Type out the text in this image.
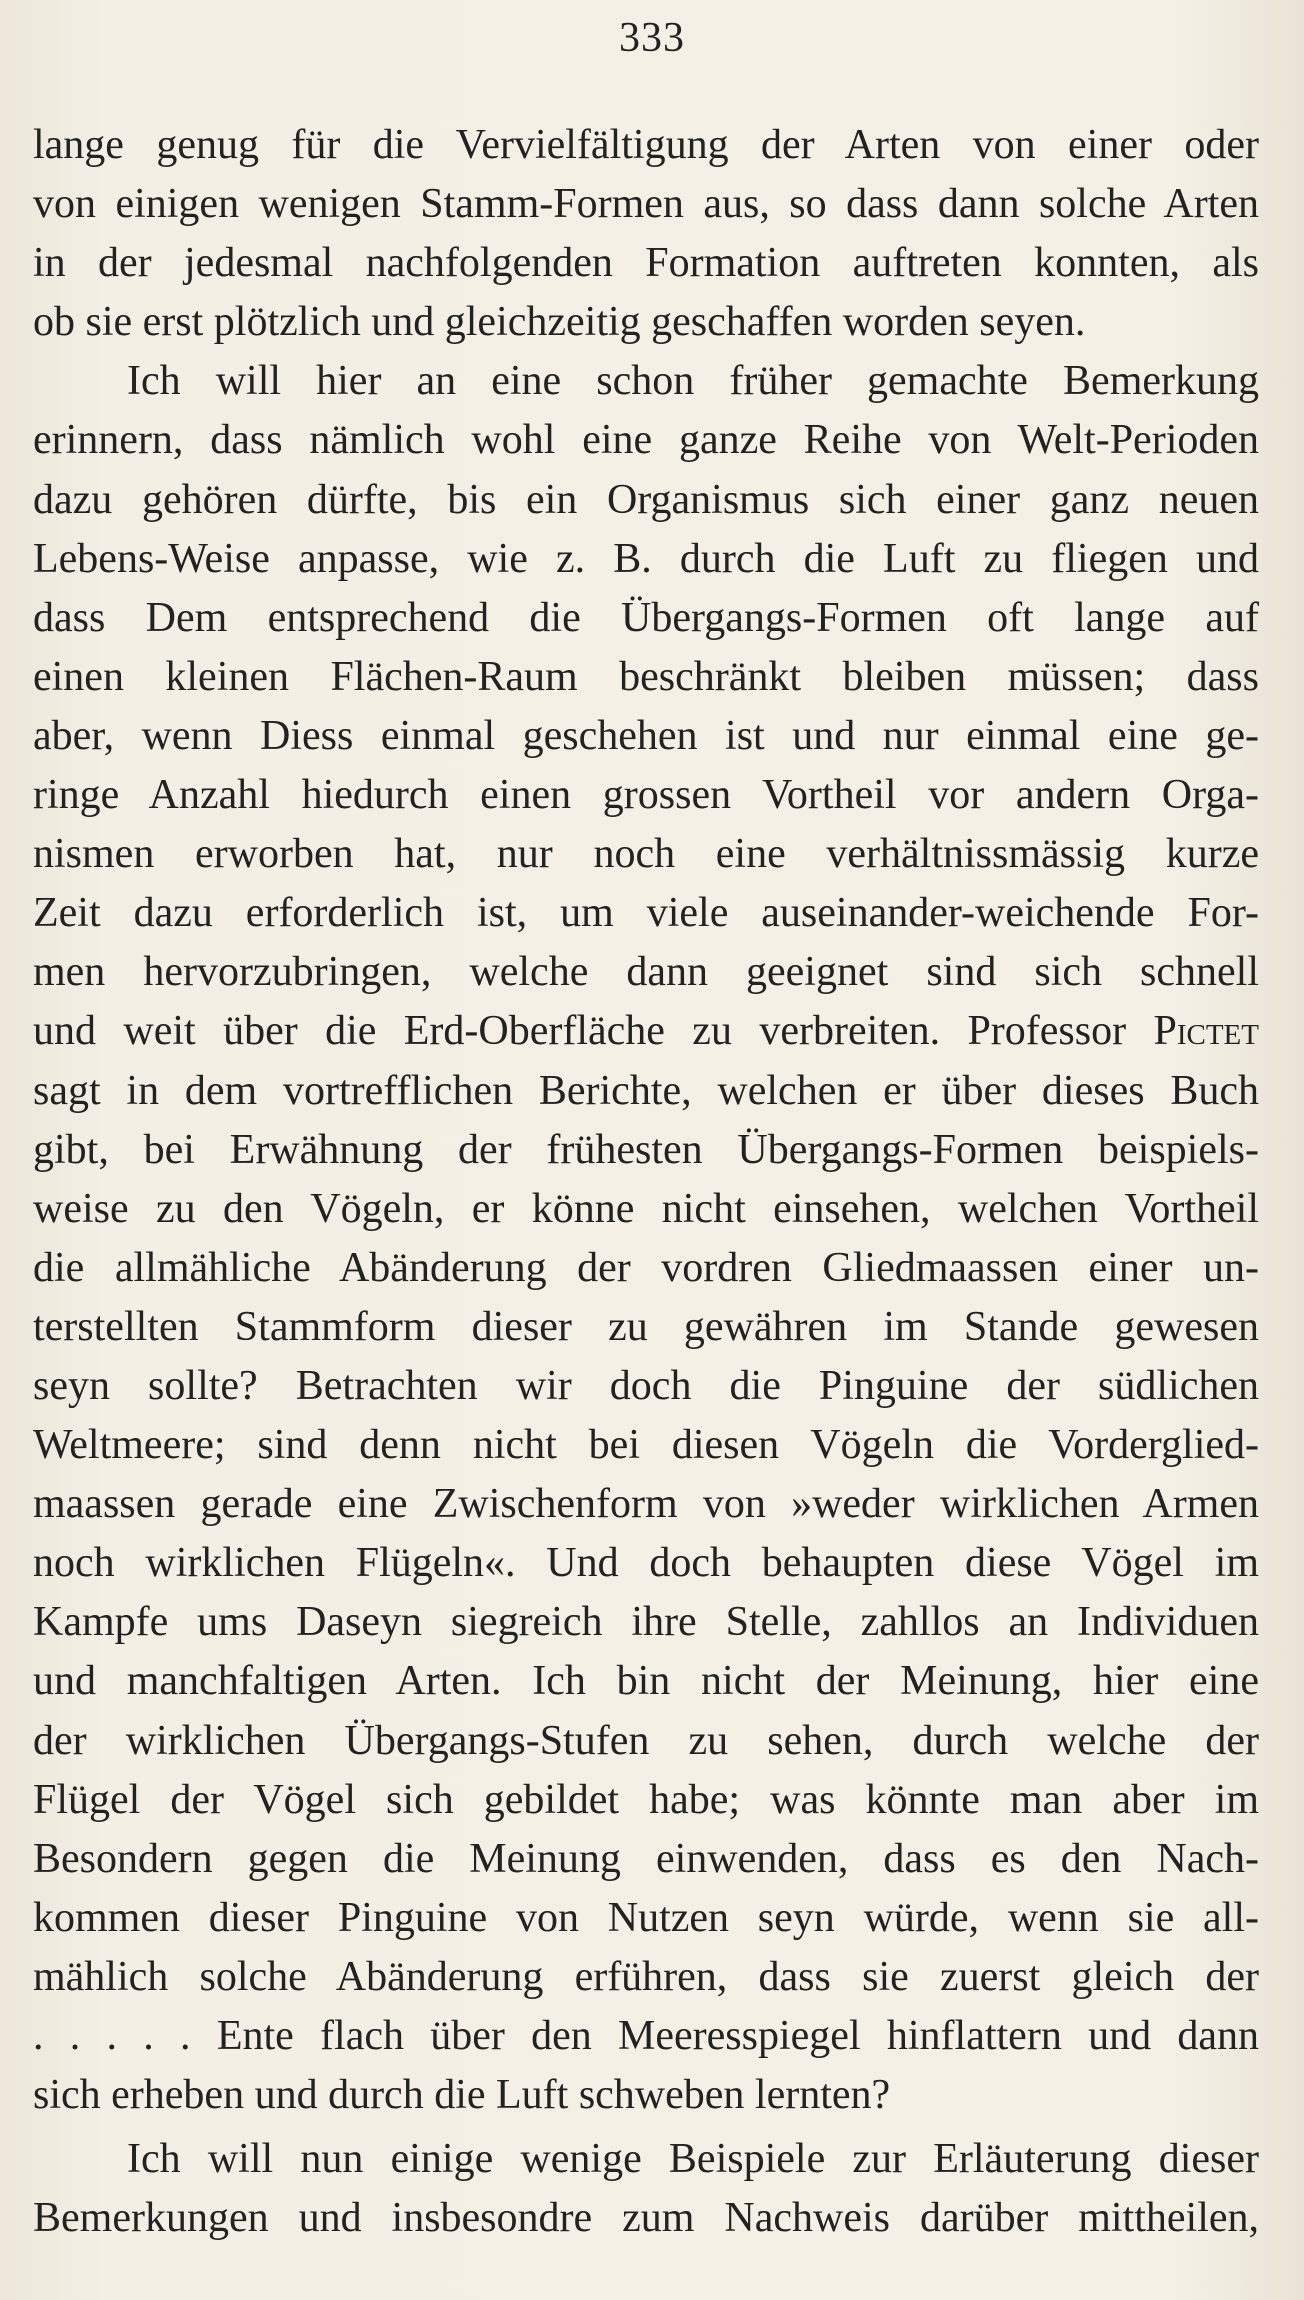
333
lange genug für die Vervielfältigung der Arten von einer oder
von einigen wenigen Stamm-Formen aus, so dass dann solche Arten
in der jedesmal nachfolgenden Formation auftreten konnten, als
ob sie erst plötzlich und gleichzeitig geschaffen worden seyen.
Ich will hier an eine schon früher gemachte Bemerkung
erinnern, dass nämlich wohl eine ganze Reihe von Welt-Perioden
dazu gehören dürfte, bis ein Organismus sich einer ganz neuen
Lebens-Weise anpasse, wie z. B. durch die Luft zu fliegen und
dass Dem entsprechend die Übergangs-Formen oft lange auf
einen kleinen Flächen-Raum beschränkt bleiben müssen; dass
aber, wenn Diess einmal geschehen ist und nur einmal eine ge-
ringe Anzahl hiedurch einen grossen Vortheil vor andern Orga-
nismen erworben hat, nur noch eine verhältnissmässig kurze
Zeit dazu erforderlich ist, um viele auseinander-weichende For-
men hervorzubringen, welche dann geeignet sind sich schnell
und weit über die Erd-Oberfläche zu verbreiten. Professor Pictet
sagt in dem vortrefflichen Berichte, welchen er über dieses Buch
gibt, bei Erwähnung der frühesten Übergangs-Formen beispiels-
weise zu den Vögeln, er könne nicht einsehen, welchen Vortheil
die allmähliche Abänderung der vordren Gliedmaassen einer un-
terstellten Stammform dieser zu gewähren im Stande gewesen
seyn sollte? Betrachten wir doch die Pinguine der südlichen
Weltmeere; sind denn nicht bei diesen Vögeln die Vorderglied-
maassen gerade eine Zwischenform von »weder wirklichen Armen
noch wirklichen Flügeln«. Und doch behaupten diese Vögel im
Kampfe ums Daseyn siegreich ihre Stelle, zahllos an Individuen
und manchfaltigen Arten. Ich bin nicht der Meinung, hier eine
der wirklichen Übergangs-Stufen zu sehen, durch welche der
Flügel der Vögel sich gebildet habe; was könnte man aber im
Besondern gegen die Meinung einwenden, dass es den Nach-
kommen dieser Pinguine von Nutzen seyn würde, wenn sie all-
mählich solche Abänderung erführen, dass sie zuerst gleich der
. . . . . Ente flach über den Meeresspiegel hinflattern und dann
sich erheben und durch die Luft schweben lernten?
Ich will nun einige wenige Beispiele zur Erläuterung dieser
Bemerkungen und insbesondre zum Nachweis darüber mittheilen,
